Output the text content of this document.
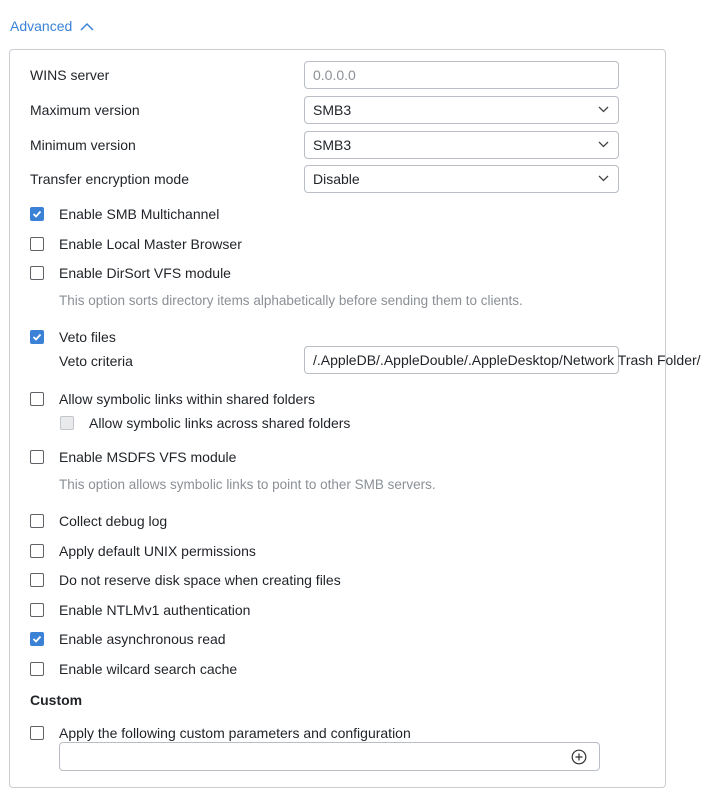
Advanced
WINS server	0.0.0.0
Maximum version	SMB3
Minimum version	SMB3
Transfer encryption mode	Disable
Enable SMB Multichannel
Enable Local Master Browser
Enable DirSort VFS module
This option sorts directory items alphabetically before sending them to clients.
Veto files
Veto criteria	/.AppleDB/.AppleDouble/.AppleDesktop/Network Trash Folder/
Allow symbolic links within shared folders
Allow symbolic links across shared folders
Enable MSDFS VFS module
This option allows symbolic links to point to other SMB servers.
Collect debug log
Apply default UNIX permissions
Do not reserve disk space when creating files
Enable NTLMv1 authentication
Enable asynchronous read
Enable wilcard search cache
Custom
Apply the following custom parameters and configuration
